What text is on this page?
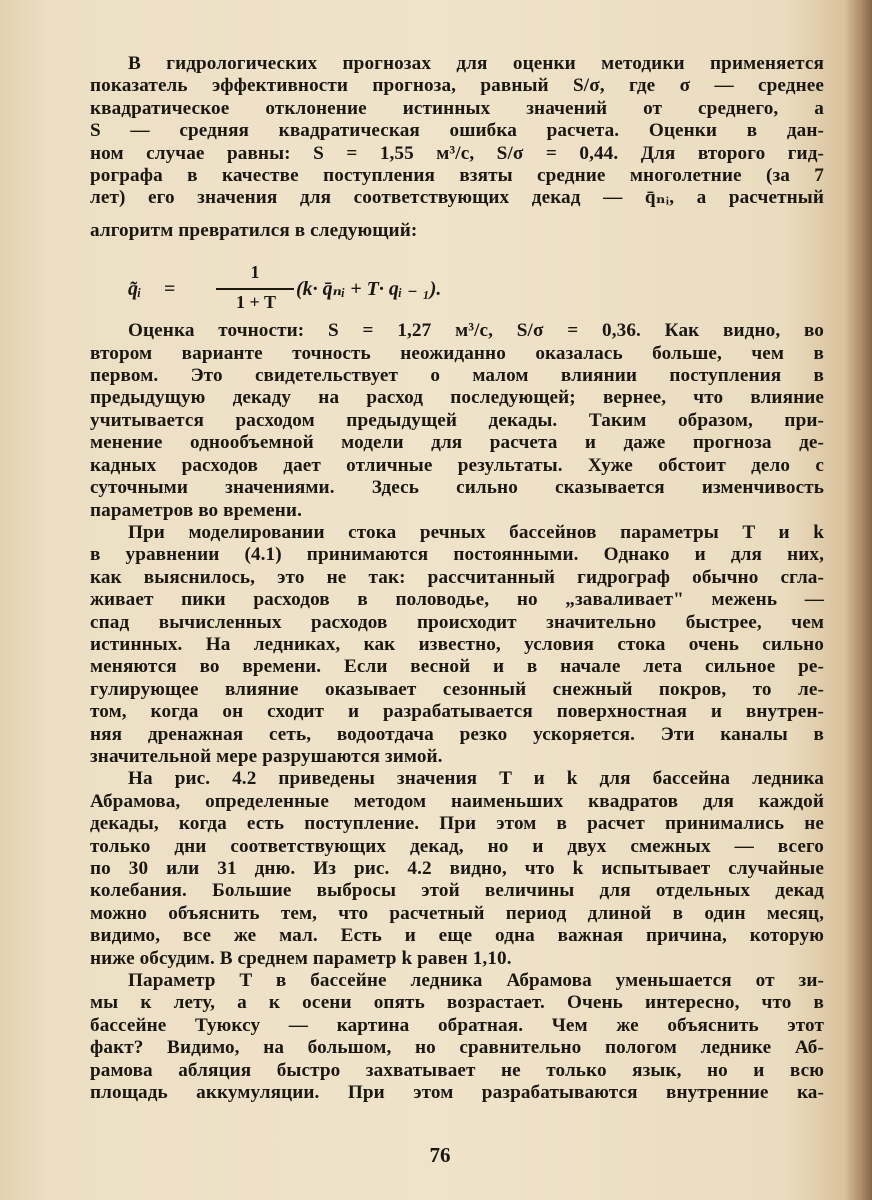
В гидрологических прогнозах для оценки методики применяется
показатель эффективности прогноза, равный S/σ, где σ — среднее
квадратическое отклонение истинных значений от среднего, а
S — средняя квадратическая ошибка расчета. Оценки в дан-
ном случае равны: S = 1,55 м³/с, S/σ = 0,44. Для второго гид-
рографа в качестве поступления взяты средние многолетние (за 7
лет) его значения для соответствующих декад — q̄ₙᵢ, а расчетный
алгоритм превратился в следующий:
Оценка точности: S = 1,27 м³/с, S/σ = 0,36. Как видно, во
втором варианте точность неожиданно оказалась больше, чем в
первом. Это свидетельствует о малом влиянии поступления в
предыдущую декаду на расход последующей; вернее, что влияние
учитывается расходом предыдущей декады. Таким образом, при-
менение однообъемной модели для расчета и даже прогноза де-
кадных расходов дает отличные результаты. Хуже обстоит дело с
суточными значениями. Здесь сильно сказывается изменчивость
параметров во времени.
При моделировании стока речных бассейнов параметры T и k
в уравнении (4.1) принимаются постоянными. Однако и для них,
как выяснилось, это не так: рассчитанный гидрограф обычно сгла-
живает пики расходов в половодье, но „заваливает" межень —
спад вычисленных расходов происходит значительно быстрее, чем
истинных. На ледниках, как известно, условия стока очень сильно
меняются во времени. Если весной и в начале лета сильное ре-
гулирующее влияние оказывает сезонный снежный покров, то ле-
том, когда он сходит и разрабатывается поверхностная и внутрен-
няя дренажная сеть, водоотдача резко ускоряется. Эти каналы в
значительной мере разрушаются зимой.
На рис. 4.2 приведены значения T и k для бассейна ледника
Абрамова, определенные методом наименьших квадратов для каждой
декады, когда есть поступление. При этом в расчет принимались не
только дни соответствующих декад, но и двух смежных — всего
по 30 или 31 дню. Из рис. 4.2 видно, что k испытывает случайные
колебания. Большие выбросы этой величины для отдельных декад
можно объяснить тем, что расчетный период длиной в один месяц,
видимо, все же мал. Есть и еще одна важная причина, которую
ниже обсудим. В среднем параметр k равен 1,10.
Параметр T в бассейне ледника Абрамова уменьшается от зи-
мы к лету, а к осени опять возрастает. Очень интересно, что в
бассейне Туюксу — картина обратная. Чем же объяснить этот
факт? Видимо, на большом, но сравнительно пологом леднике Аб-
рамова абляция быстро захватывает не только язык, но и всю
площадь аккумуляции. При этом разрабатываются внутренние ка-
q̃ᵢ =
1
1 + T
(k· q̄ₙᵢ + T· qᵢ ₋ ₁).
76
